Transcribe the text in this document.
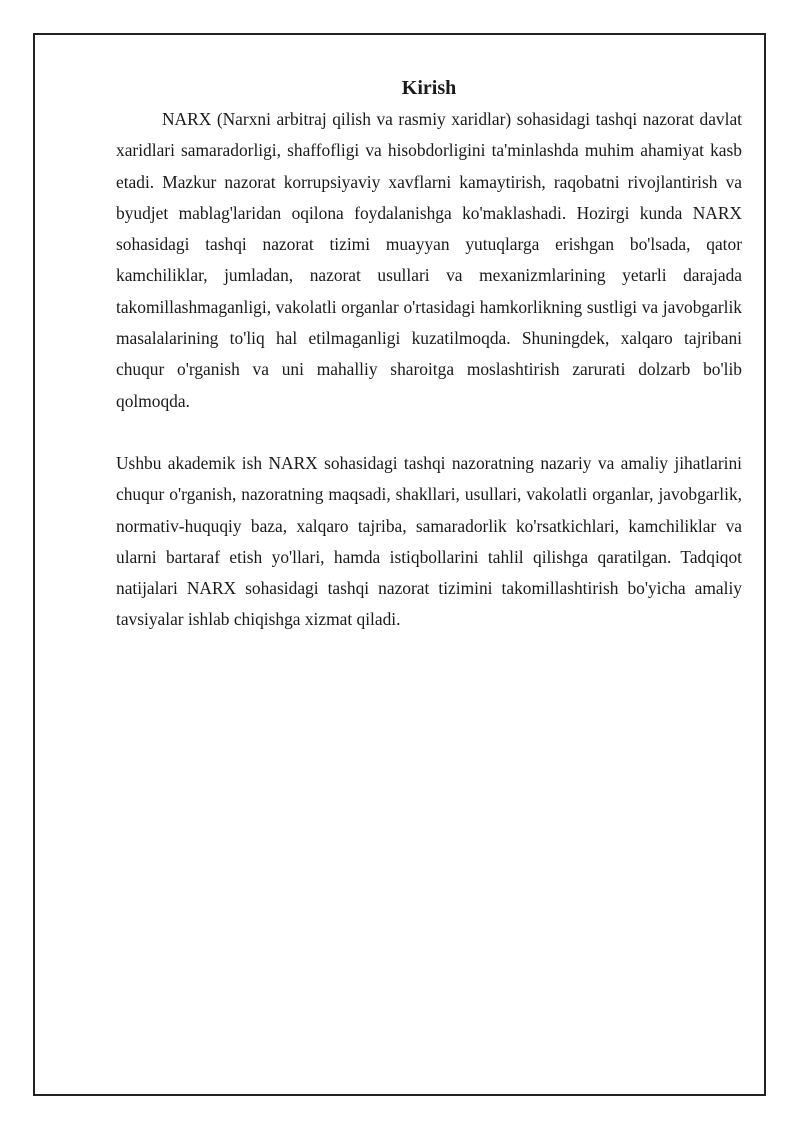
Kirish

NARX (Narxni arbitraj qilish va rasmiy xaridlar) sohasidagi tashqi nazorat davlat xaridlari samaradorligi, shaffofligi va hisobdorligini ta'minlashda muhim ahamiyat kasb etadi. Mazkur nazorat korrupsiyaviy xavflarni kamaytirish, raqobatni rivojlantirish va byudjet mablag'laridan oqilona foydalanishga ko'maklashadi. Hozirgi kunda NARX sohasidagi tashqi nazorat tizimi muayyan yutuqlarga erishgan bo'lsada, qator kamchiliklar, jumladan, nazorat usullari va mexanizmlarining yetarli darajada takomillashmaganligi, vakolatli organlar o'rtasidagi hamkorlikning sustligi va javobgarlik masalalarining to'liq hal etilmaganligi kuzatilmoqda. Shuningdek, xalqaro tajribani chuqur o'rganish va uni mahalliy sharoitga moslashtirish zarurati dolzarb bo'lib qolmoqda.

Ushbu akademik ish NARX sohasidagi tashqi nazoratning nazariy va amaliy jihatlarini chuqur o'rganish, nazoratning maqsadi, shakllari, usullari, vakolatli organlar, javobgarlik, normativ-huquqiy baza, xalqaro tajriba, samaradorlik ko'rsatkichlari, kamchiliklar va ularni bartaraf etish yo'llari, hamda istiqbollarini tahlil qilishga qaratilgan. Tadqiqot natijalari NARX sohasidagi tashqi nazorat tizimini takomillashtirish bo'yicha amaliy tavsiyalar ishlab chiqishga xizmat qiladi.
